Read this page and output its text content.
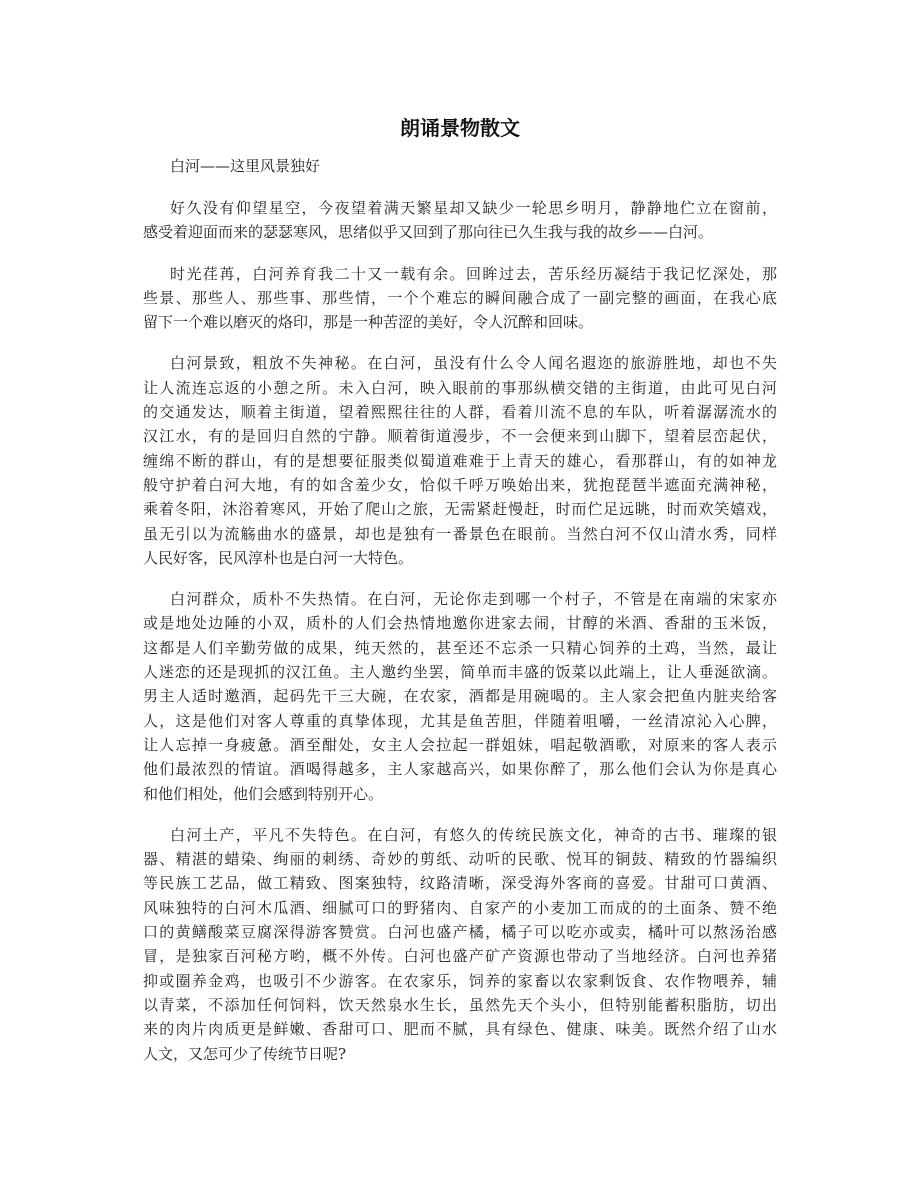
朗诵景物散文
白河——这里风景独好
好久没有仰望星空，今夜望着满天繁星却又缺少一轮思乡明月，静静地伫立在窗前，
感受着迎面而来的瑟瑟寒风，思绪似乎又回到了那向往已久生我与我的故乡——白河。
时光荏苒，白河养育我二十又一载有余。回眸过去，苦乐经历凝结于我记忆深处，那
些景、那些人、那些事、那些情，一个个难忘的瞬间融合成了一副完整的画面，在我心底
留下一个难以磨灭的烙印，那是一种苦涩的美好，令人沉醉和回味。
白河景致，粗放不失神秘。在白河，虽没有什么令人闻名遐迩的旅游胜地，却也不失
让人流连忘返的小憩之所。未入白河，映入眼前的事那纵横交错的主街道，由此可见白河
的交通发达，顺着主街道，望着熙熙往往的人群，看着川流不息的车队，听着潺潺流水的
汉江水，有的是回归自然的宁静。顺着街道漫步，不一会便来到山脚下，望着层峦起伏，
缠绵不断的群山，有的是想要征服类似蜀道难难于上青天的雄心，看那群山，有的如神龙
般守护着白河大地，有的如含羞少女，恰似千呼万唤始出来，犹抱琵琶半遮面充满神秘，
乘着冬阳，沐浴着寒风，开始了爬山之旅，无需紧赶慢赶，时而伫足远眺，时而欢笑嬉戏，
虽无引以为流觞曲水的盛景，却也是独有一番景色在眼前。当然白河不仅山清水秀，同样
人民好客，民风淳朴也是白河一大特色。
白河群众，质朴不失热情。在白河，无论你走到哪一个村子，不管是在南端的宋家亦
或是地处边陲的小双，质朴的人们会热情地邀你进家去闹，甘醇的米酒、香甜的玉米饭，
这都是人们辛勤劳做的成果，纯天然的，甚至还不忘杀一只精心饲养的土鸡，当然，最让
人迷恋的还是现抓的汉江鱼。主人邀约坐罢，简单而丰盛的饭菜以此端上，让人垂涎欲滴。
男主人适时邀酒，起码先干三大碗，在农家，酒都是用碗喝的。主人家会把鱼内脏夹给客
人，这是他们对客人尊重的真挚体现，尤其是鱼苦胆，伴随着咀嚼，一丝清凉沁入心脾，
让人忘掉一身疲惫。酒至酣处，女主人会拉起一群姐妹，唱起敬酒歌，对原来的客人表示
他们最浓烈的情谊。酒喝得越多，主人家越高兴，如果你醉了，那么他们会认为你是真心
和他们相处，他们会感到特别开心。
白河土产，平凡不失特色。在白河，有悠久的传统民族文化，神奇的古书、璀璨的银
器、精湛的蜡染、绚丽的刺绣、奇妙的剪纸、动听的民歌、悦耳的铜鼓、精致的竹器编织
等民族工艺品，做工精致、图案独特，纹路清晰，深受海外客商的喜爱。甘甜可口黄酒、
风味独特的白河木瓜酒、细腻可口的野猪肉、自家产的小麦加工而成的的土面条、赞不绝
口的黄鳝酸菜豆腐深得游客赞赏。白河也盛产橘，橘子可以吃亦或卖，橘叶可以熬汤治感
冒，是独家百河秘方哟，概不外传。白河也盛产矿产资源也带动了当地经济。白河也养猪
抑或圈养金鸡，也吸引不少游客。在农家乐，饲养的家畜以农家剩饭食、农作物喂养，辅
以青菜，不添加任何饲料，饮天然泉水生长，虽然先天个头小，但特别能蓄积脂肪，切出
来的肉片肉质更是鲜嫩、香甜可口、肥而不腻，具有绿色、健康、味美。既然介绍了山水
人文，又怎可少了传统节日呢?
